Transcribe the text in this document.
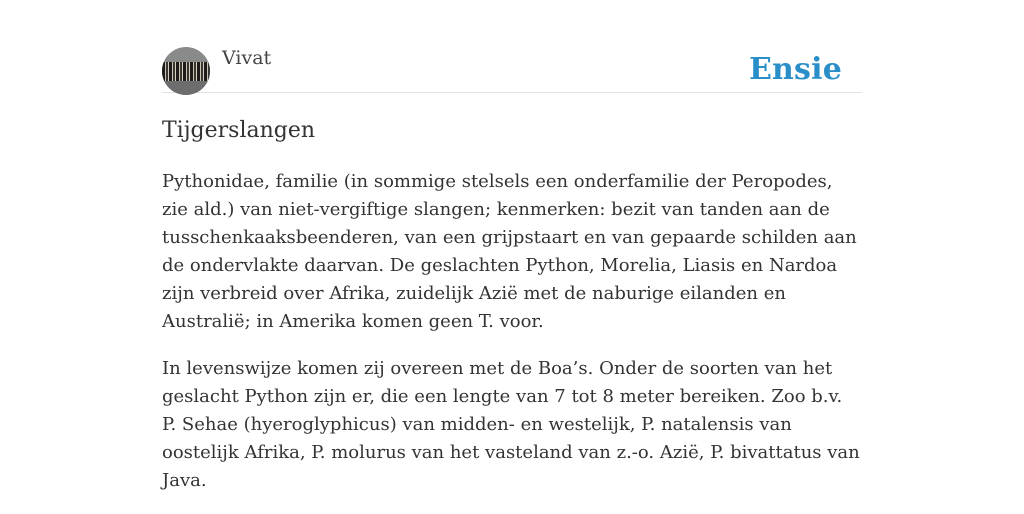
Vivat	Ensie
Tijgerslangen

Pythonidae, familie (in sommige stelsels een onderfamilie der Peropodes, zie ald.) van niet-vergiftige slangen; kenmerken: bezit van tanden aan de tusschenkaaksbeenderen, van een grijpstaart en van gepaarde schilden aan de ondervlakte daarvan. De geslachten Python, Morelia, Liasis en Nardoa zijn verbreid over Afrika, zuidelijk Azië met de naburige eilanden en Australië; in Amerika komen geen T. voor.

In levenswijze komen zij overeen met de Boa’s. Onder de soorten van het geslacht Python zijn er, die een lengte van 7 tot 8 meter bereiken. Zoo b.v. P. Sehae (hyeroglyphicus) van midden- en westelijk, P. natalensis van oostelijk Afrika, P. molurus van het vasteland van z.-o. Azië, P. bivattatus van Java.
